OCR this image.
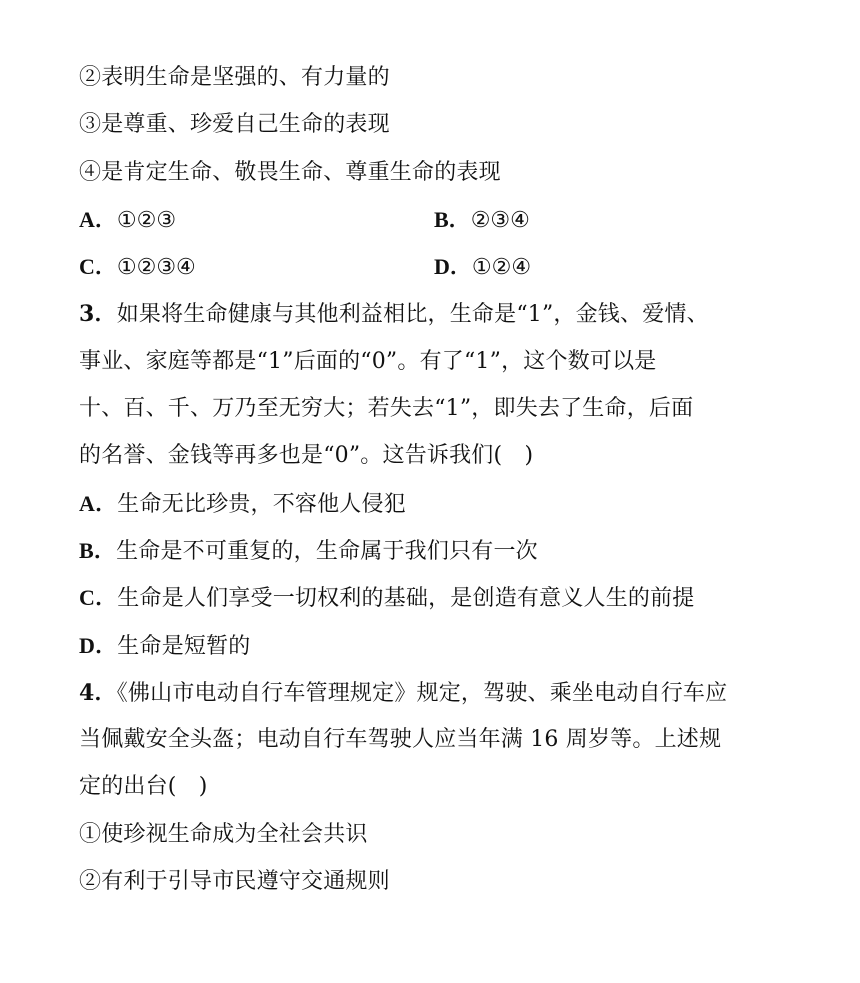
②表明生命是坚强的、有力量的
③是尊重、珍爱自己生命的表现
④是肯定生命、敬畏生命、尊重生命的表现
A．①②③	B．②③④
C．①②③④	D．①②④
3．如果将生命健康与其他利益相比，生命是“1”，金钱、爱情、
事业、家庭等都是“1”后面的“0”。有了“1”，这个数可以是
十、百、千、万乃至无穷大；若失去“1”，即失去了生命，后面
的名誉、金钱等再多也是“0”。这告诉我们(　)
A．生命无比珍贵，不容他人侵犯
B．生命是不可重复的，生命属于我们只有一次
C．生命是人们享受一切权利的基础，是创造有意义人生的前提
D．生命是短暂的
4．《佛山市电动自行车管理规定》规定，驾驶、乘坐电动自行车应
当佩戴安全头盔；电动自行车驾驶人应当年满 16 周岁等。上述规
定的出台(　)
①使珍视生命成为全社会共识
②有利于引导市民遵守交通规则
